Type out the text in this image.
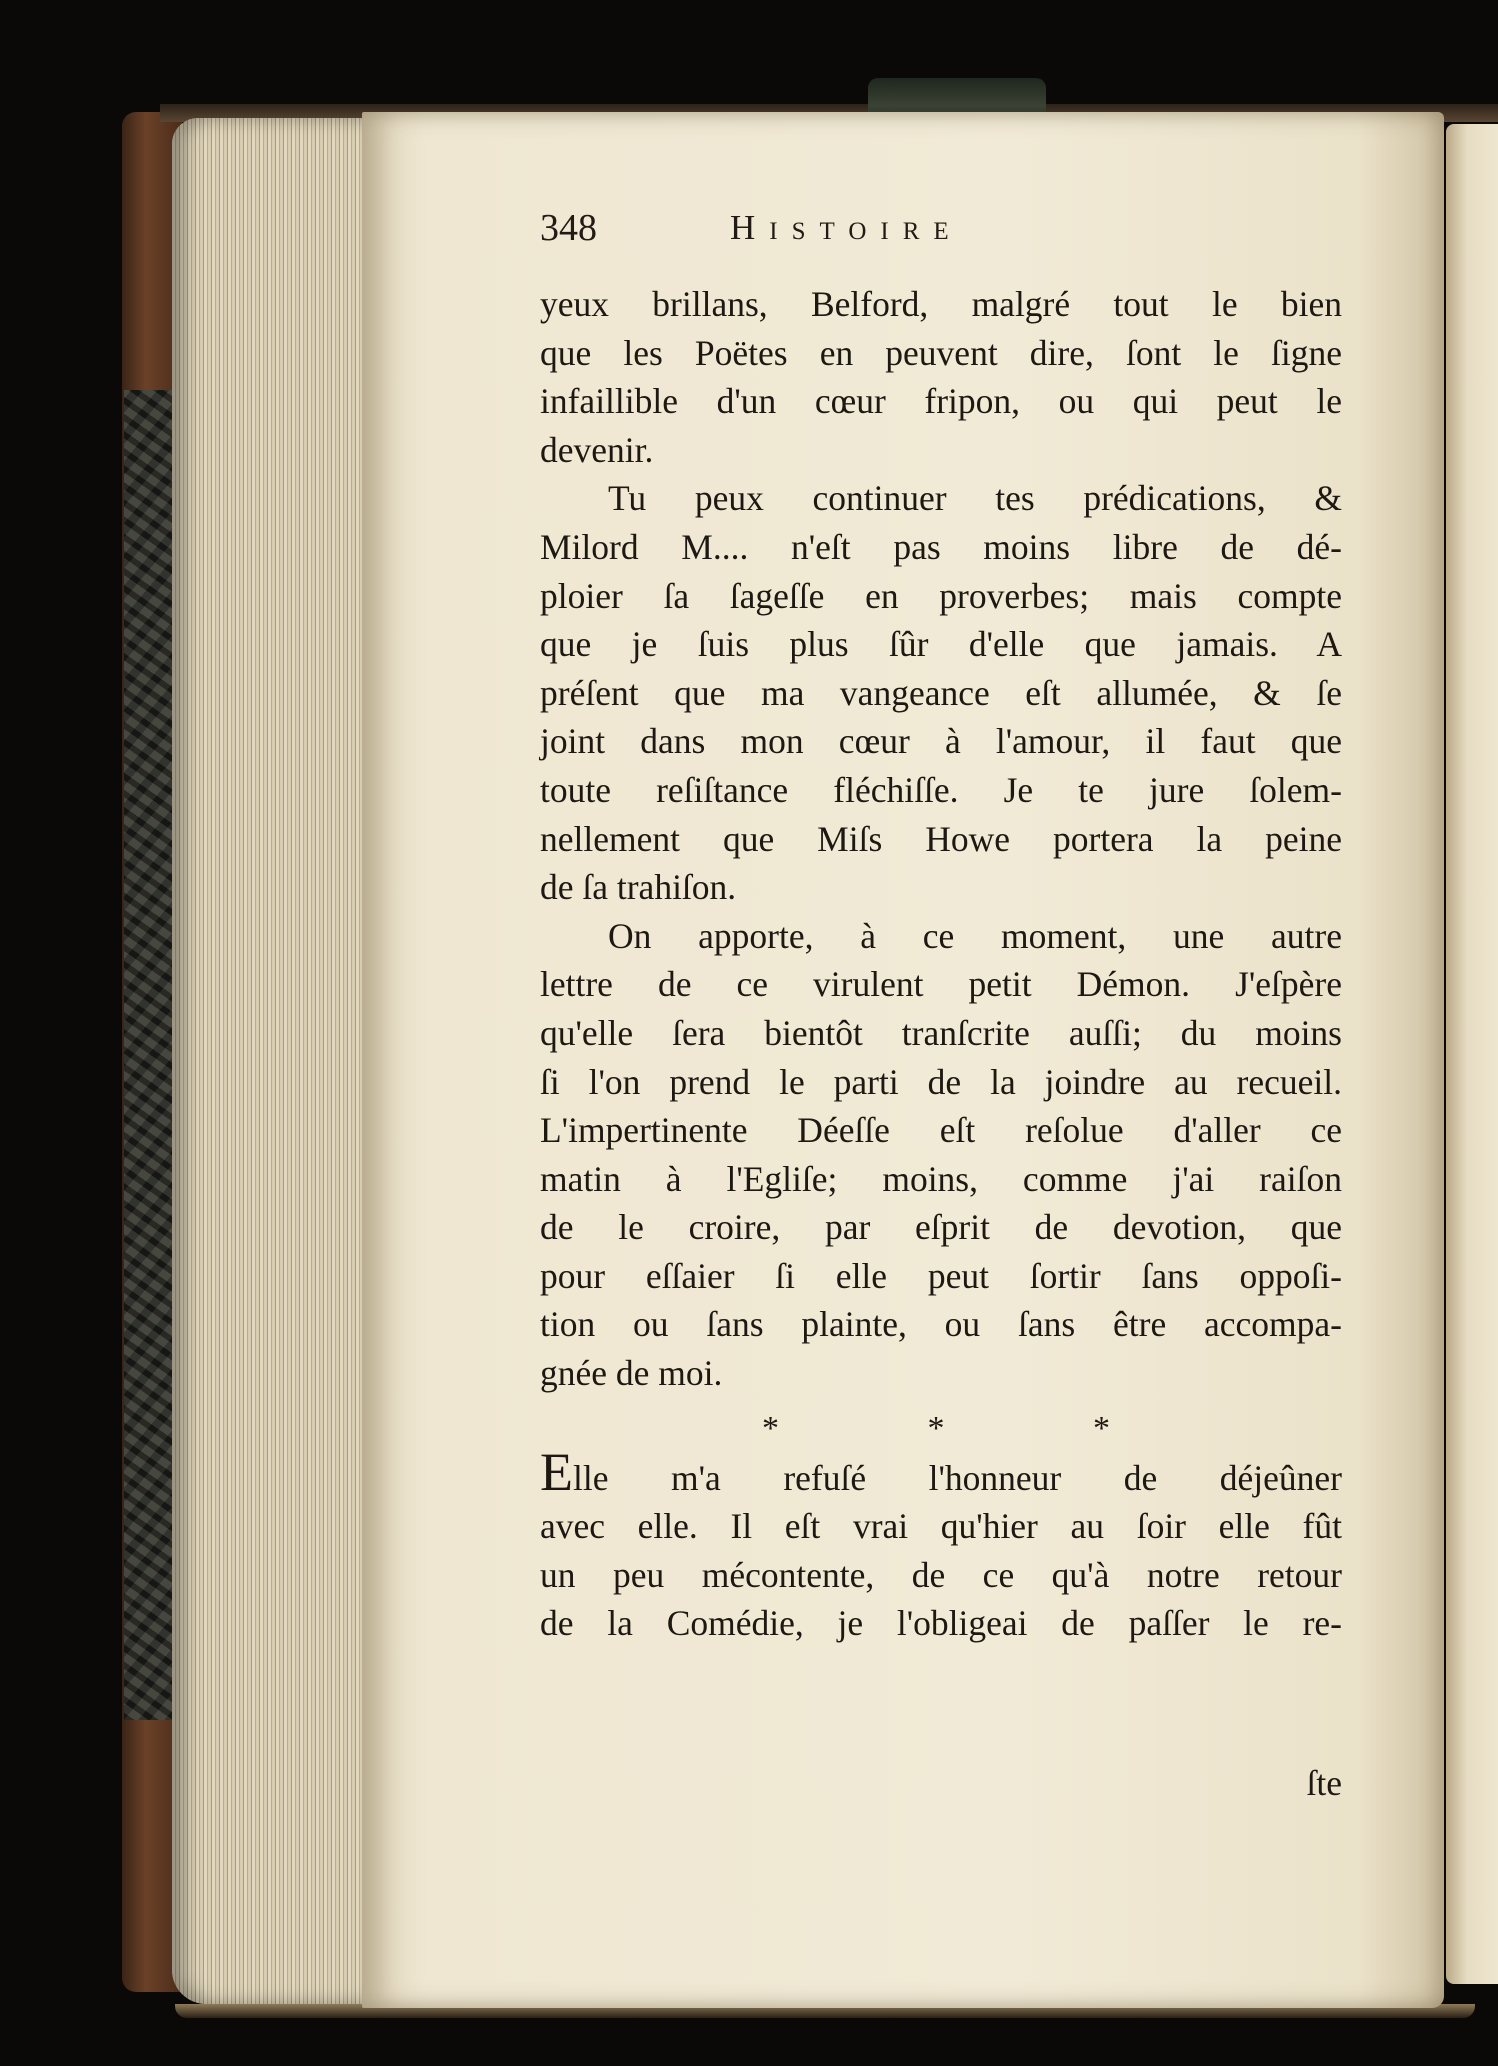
348	Histoire
yeux brillans, Belford, malgré tout le bien
que les Poëtes en peuvent dire, ſont le ſigne
infaillible d'un cœur fripon, ou qui peut le
devenir.
Tu peux continuer tes prédications, &
Milord M.... n'eſt pas moins libre de dé-
ploier ſa ſageſſe en proverbes; mais compte
que je ſuis plus ſûr d'elle que jamais. A
préſent que ma vangeance eſt allumée, & ſe
joint dans mon cœur à l'amour, il faut que
toute reſiſtance fléchiſſe. Je te jure ſolem-
nellement que Miſs Howe portera la peine
de ſa trahiſon.
On apporte, à ce moment, une autre
lettre de ce virulent petit Démon. J'eſpère
qu'elle ſera bientôt tranſcrite auſſi; du moins
ſi l'on prend le parti de la joindre au recueil.
L'impertinente Déeſſe eſt reſolue d'aller ce
matin à l'Egliſe; moins, comme j'ai raiſon
de le croire, par eſprit de devotion, que
pour eſſaier ſi elle peut ſortir ſans oppoſi-
tion ou ſans plainte, ou ſans être accompa-
gnée de moi.
* * *
Elle m'a refuſé l'honneur de déjeûner
avec elle. Il eſt vrai qu'hier au ſoir elle fût
un peu mécontente, de ce qu'à notre retour
de la Comédie, je l'obligeai de paſſer le re-
ſte
